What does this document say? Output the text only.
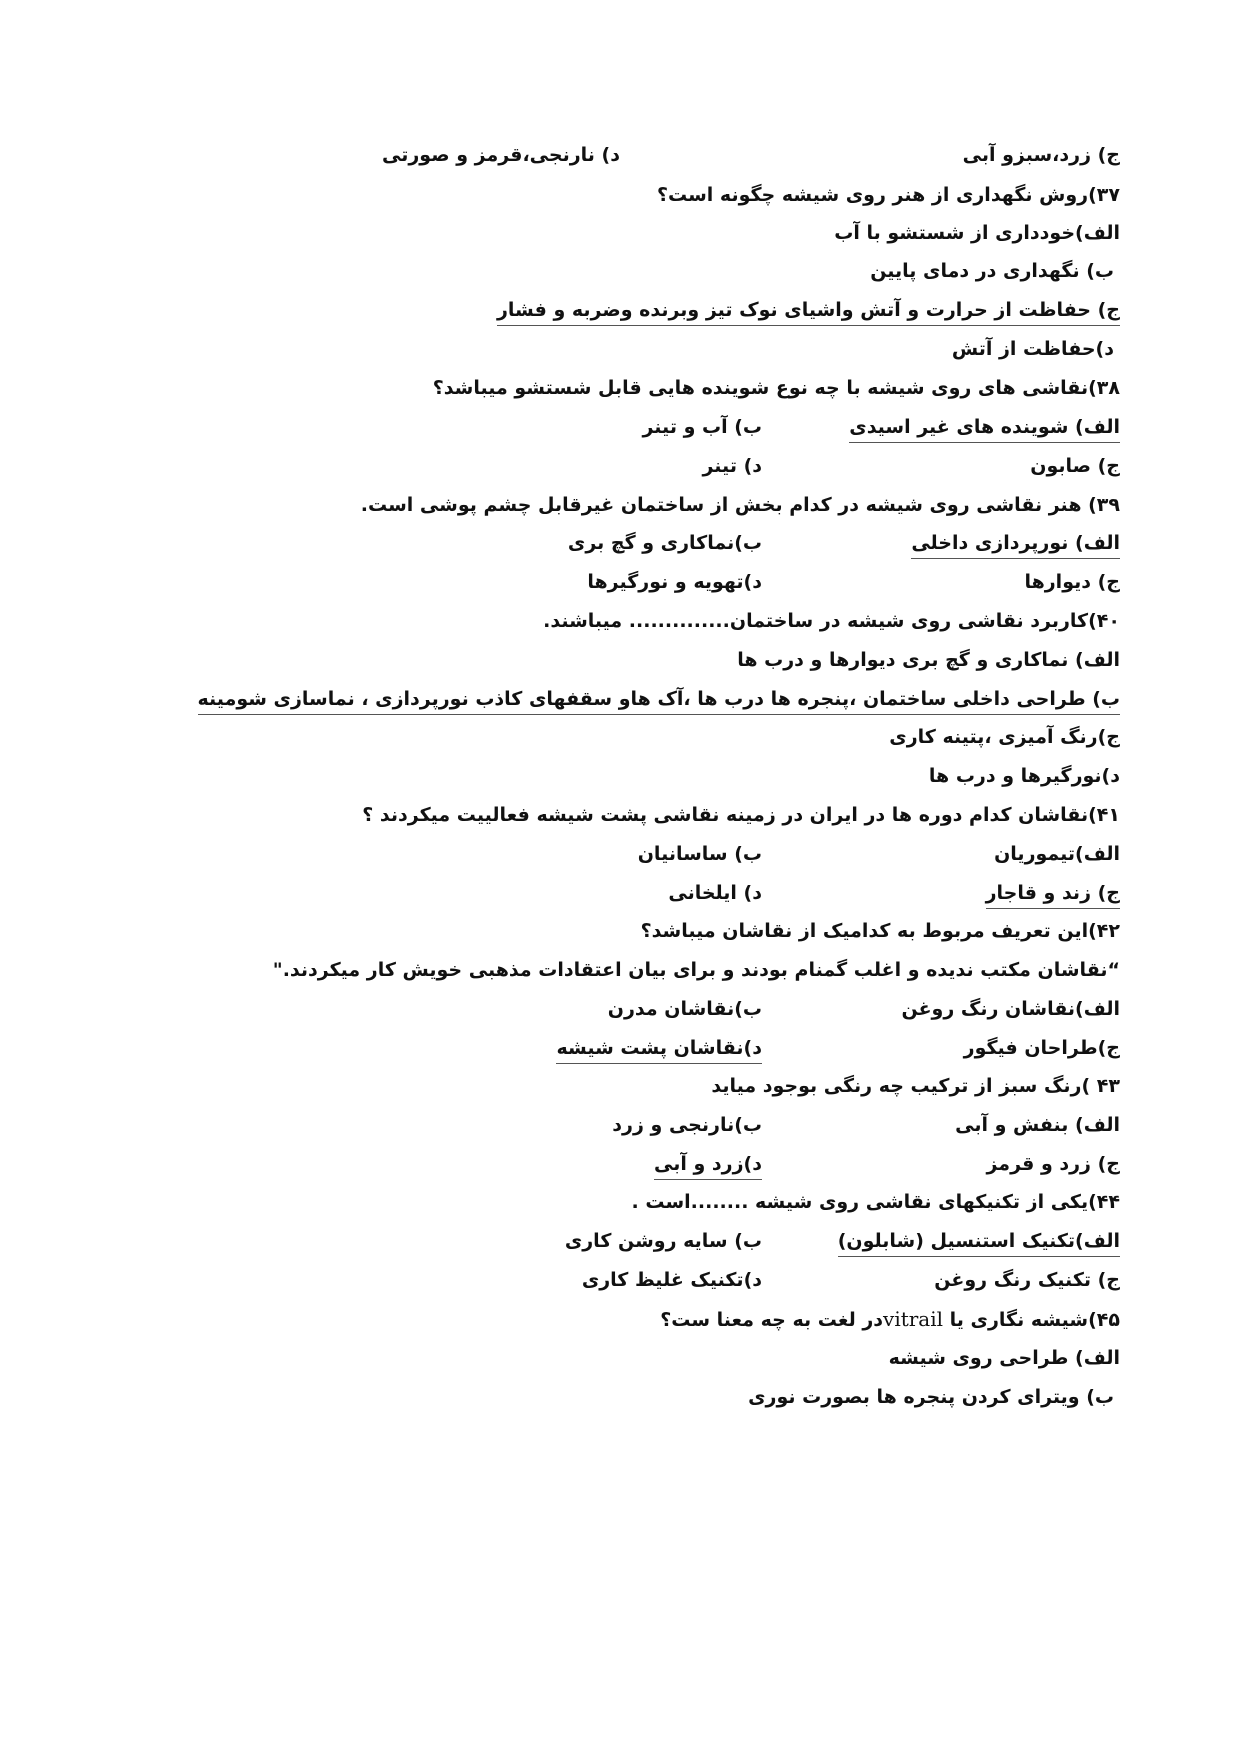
ج) زرد،سبزو آبی
د) نارنجی،قرمز و صورتی
۳۷)روش نگهداری از هنر روی شیشه چگونه است؟
الف)خودداری از شستشو با آب
ب) نگهداری در دمای پایین
ج) حفاظت از حرارت و آتش واشیای نوک تیز وبرنده وضربه و فشار
د)حفاظت از آتش
۳۸)نقاشی های روی شیشه با چه نوع شوینده هایی قابل شستشو میباشد؟
الف) شوینده های غیر اسیدی
ب) آب و تینر
ج) صابون
د) تینر
۳۹) هنر نقاشی روی شیشه در کدام بخش از ساختمان غیرقابل چشم پوشی است.
الف) نورپردازی داخلی
ب)نماکاری و گچ بری
ج) دیوارها
د)تهویه و نورگیرها
۴۰)کاربرد نقاشی روی شیشه در ساختمان.............. میباشند.
الف) نماکاری و گچ بری دیوارها و درب ها
ب) طراحی داخلی ساختمان ،پنجره ها درب ها ،آک هاو سقفهای کاذب نورپردازی ، نماسازی شومینه
ج)رنگ آمیزی ،پتینه کاری
د)نورگیرها و درب ها
۴۱)نقاشان کدام دوره ها در ایران در زمینه نقاشی پشت شیشه فعالییت میکردند ؟
الف)تیموریان
ب) ساسانیان
ج) زند و قاجار
د) ایلخانی
۴۲)این تعریف مربوط به کدامیک از نقاشان میباشد؟
“نقاشان مکتب ندیده و اغلب گمنام بودند و برای بیان اعتقادات مذهبی خویش کار میکردند."
الف)نقاشان رنگ روغن
ب)نقاشان مدرن
ج)طراحان فیگور
د)نقاشان پشت شیشه
۴۳ )رنگ سبز از ترکیب چه رنگی بوجود میاید
الف) بنفش و آبی
ب)نارنجی و زرد
ج) زرد و قرمز
د)زرد و آبی
۴۴)یکی از تکنیکهای نقاشی روی شیشه ........است .
الف)تکنیک استنسیل (شابلون)
ب) سایه روشن کاری
ج) تکنیک رنگ روغن
د)تکنیک غلیظ کاری
۴۵)شیشه نگاری یا vitrailدر لغت به چه معنا ست؟
الف) طراحی روی شیشه
ب) ویترای کردن پنجره ها بصورت نوری
